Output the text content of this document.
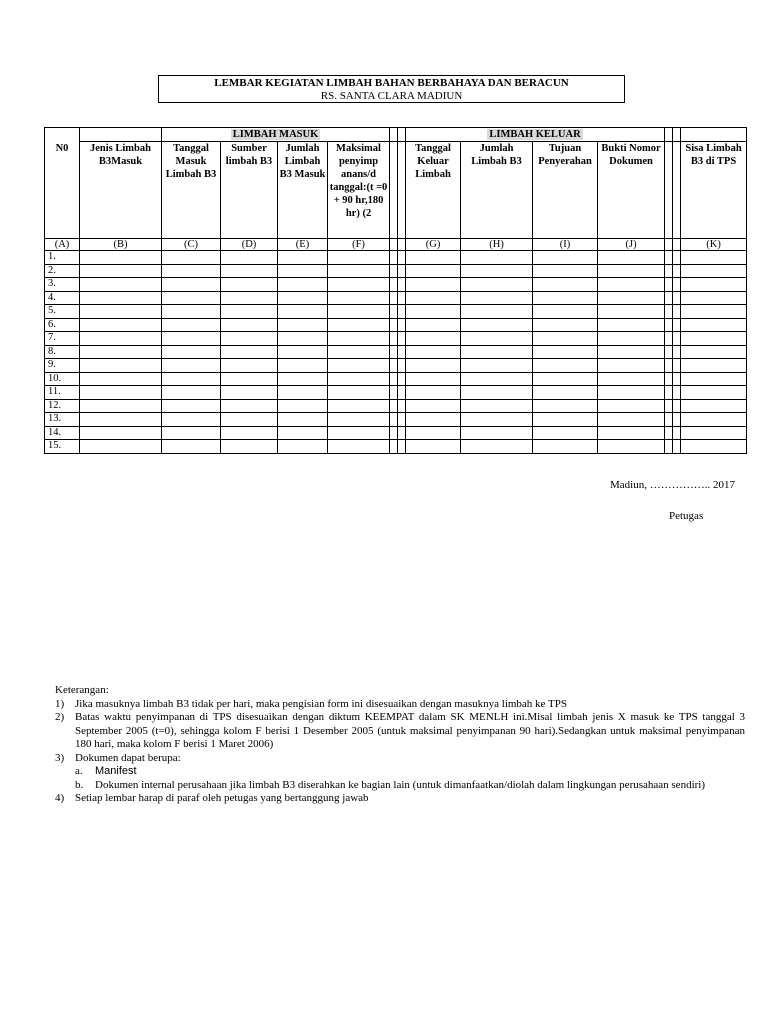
LEMBAR KEGIATAN LIMBAH BAHAN BERBAHAYA DAN BERACUN
RS. SANTA CLARA MADIUN
N0		LIMBAH MASUK						LIMBAH KELUAR						
	Jenis Limbah B3Masuk	Tanggal Masuk Limbah B3	Sumber limbah B3	Jumlah Limbah B3 Masuk	Maksimal penyimp anans/d tanggal:(t =0 + 90 hr,180 hr) (2			Tanggal Keluar Limbah	Jumlah Limbah B3	Tujuan Penyerahan	Bukti Nomor Dokumen			Sisa Limbah B3 di TPS
(A)	(B)	(C)	(D)	(E)	(F)			(G)	(H)	(I)	(J)			(K)
1.														
2.														
3.														
4.														
5.														
6.														
7.														
8.														
9.														
10.														
11.														
12.														
13.														
14.														
15.														
Madiun, …………….. 2017
Petugas
Keterangan:
1) Jika masuknya limbah B3 tidak per hari, maka pengisian form ini disesuaikan dengan masuknya limbah ke TPS
2) Batas waktu penyimpanan di TPS disesuaikan dengan diktum KEEMPAT dalam SK MENLH ini.Misal limbah jenis X masuk ke TPS tanggal 3 September 2005 (t=0), sehingga kolom F berisi 1 Desember 2005 (untuk maksimal penyimpanan 90 hari).Sedangkan untuk maksimal penyimpanan 180 hari, maka kolom F berisi 1 Maret 2006)
3) Dokumen dapat berupa:
a.	Manifest
b.	Dokumen internal perusahaan jika limbah B3 diserahkan ke bagian lain (untuk dimanfaatkan/diolah dalam lingkungan perusahaan sendiri)
4) Setiap lembar harap di paraf oleh petugas yang bertanggung jawab
